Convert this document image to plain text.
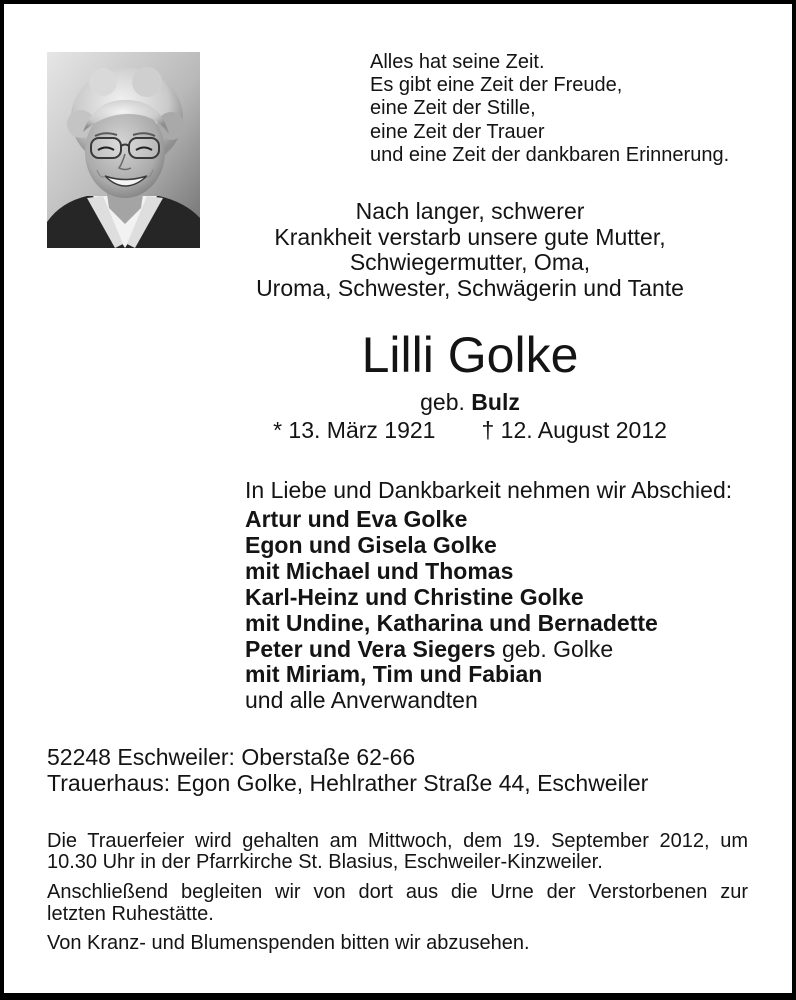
Alles hat seine Zeit.
Es gibt eine Zeit der Freude,
eine Zeit der Stille,
eine Zeit der Trauer
und eine Zeit der dankbaren Erinnerung.
Nach langer, schwerer
Krankheit verstarb unsere gute Mutter,
Schwiegermutter, Oma,
Uroma, Schwester, Schwägerin und Tante
Lilli Golke
geb. Bulz
* 13. März 1921 † 12. August 2012
In Liebe und Dankbarkeit nehmen wir Abschied:
Artur und Eva Golke
Egon und Gisela Golke
mit Michael und Thomas
Karl-Heinz und Christine Golke
mit Undine, Katharina und Bernadette
Peter und Vera Siegers geb. Golke
mit Miriam, Tim und Fabian
und alle Anverwandten
52248 Eschweiler: Oberstaße 62-66
Trauerhaus: Egon Golke, Hehlrather Straße 44, Eschweiler
Die Trauerfeier wird gehalten am Mittwoch, dem 19. September 2012, um
10.30 Uhr in der Pfarrkirche St. Blasius, Eschweiler-Kinzweiler.
Anschließend begleiten wir von dort aus die Urne der Verstorbenen zur
letzten Ruhestätte.
Von Kranz- und Blumenspenden bitten wir abzusehen.
